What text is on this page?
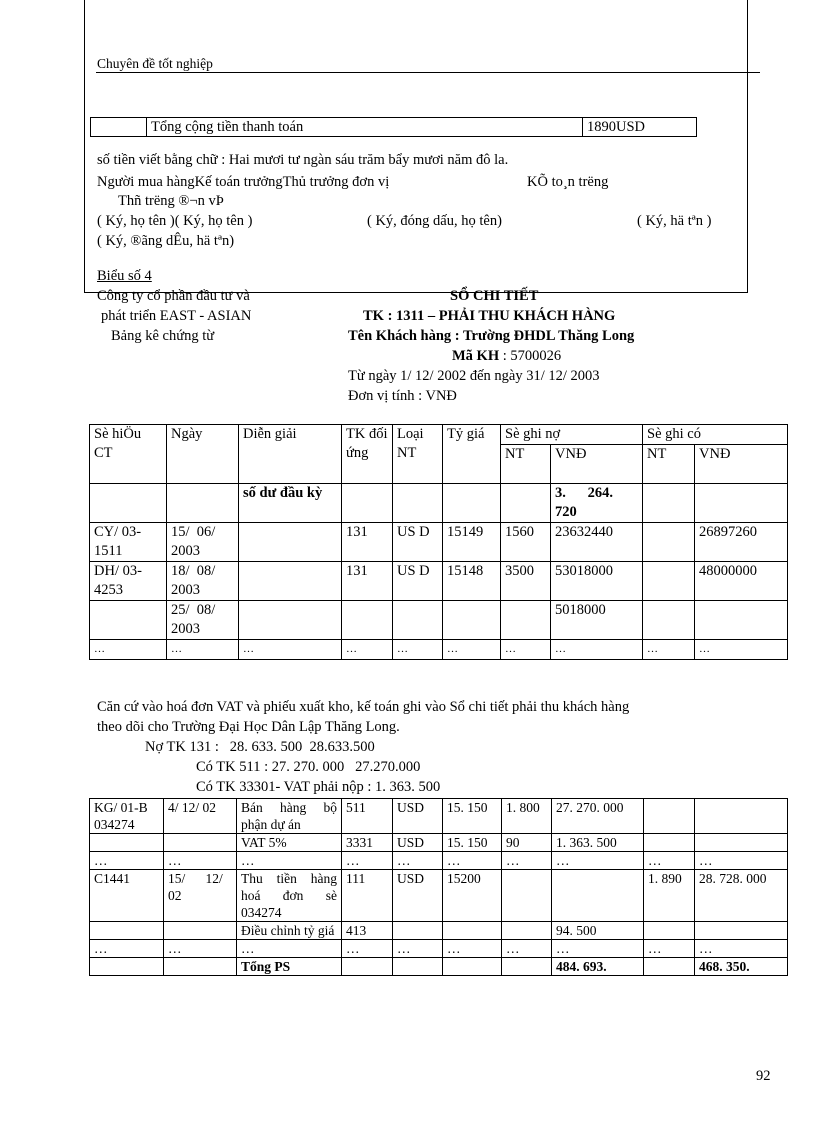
Chuyên đề tốt nghiệp
	Tổng cộng tiền thanh toán	1890USD
số tiền viết bằng chữ : Hai mươi tư ngàn sáu trăm bẩy mươi năm đô la.
Người mua hàngKế toán trưởngThủ trưởng đơn vị	KÕ to¸n trëng
Thñ trëng ®¬n vÞ
( Ký, họ tên )( Ký, họ tên )	( Ký, đóng dấu, họ tên)	( Ký, hä tªn )
( Ký, ®ãng dÊu, hä tªn)
Biểu số 4
Công ty cổ phần đầu tư và
phát triển EAST - ASIAN
Bảng kê chứng từ
SỔ CHI TIẾT
TK : 1311 – PHẢI THU KHÁCH HÀNG
Tên Khách hàng : Trường ĐHDL Thăng Long
Mã KH : 5700026
Từ ngày 1/ 12/ 2002 đến ngày 31/ 12/ 2003
Đơn vị tính : VNĐ
Sè hiÖu CT	Ngày	Diễn giải	TK đối ứng	Loại NT	Tỷ giá	Sè ghi nợ		Sè ghi có	
						NT	VNĐ	NT	VNĐ
		số dư đầu kỳ					3.      264. 720		
CY/ 03- 1511	15/  06/ 2003		131	US D	15149	1560	23632440		26897260
DH/ 03- 4253	18/  08/ 2003		131	US D	15148	3500	53018000		48000000
	25/  08/ 2003						5018000		
…	…	…	…	…	…	…	…	…	…
Căn cứ vào hoá đơn VAT và phiếu xuất kho, kế toán ghi vào Sổ chi tiết phải thu khách hàng
theo dõi cho Trường Đại Học Dân Lập Thăng Long.
Nợ TK 131 :   28. 633. 500  28.633.500
Có TK 511 : 27. 270. 000   27.270.000
Có TK 33301- VAT phải nộp : 1. 363. 500
KG/ 01-B 034274	4/ 12/ 02	Bán hàng bộ phận dự án	511	USD	15. 150	1. 800	27. 270. 000		
		VAT 5%	3331	USD	15. 150	90	1. 363. 500		
…	…	…	…	…	…	…	…	…	…
C1441	15/      12/ 02	Thu  tiền  hàng hoá    đơn    sè 034274	111	USD	15200			1. 890	28. 728. 000
		Điều chỉnh tỷ giá	413				94. 500		
…	…	…	…	…	…	…	…	…	…
		Tổng PS					484. 693.		468. 350.
92
